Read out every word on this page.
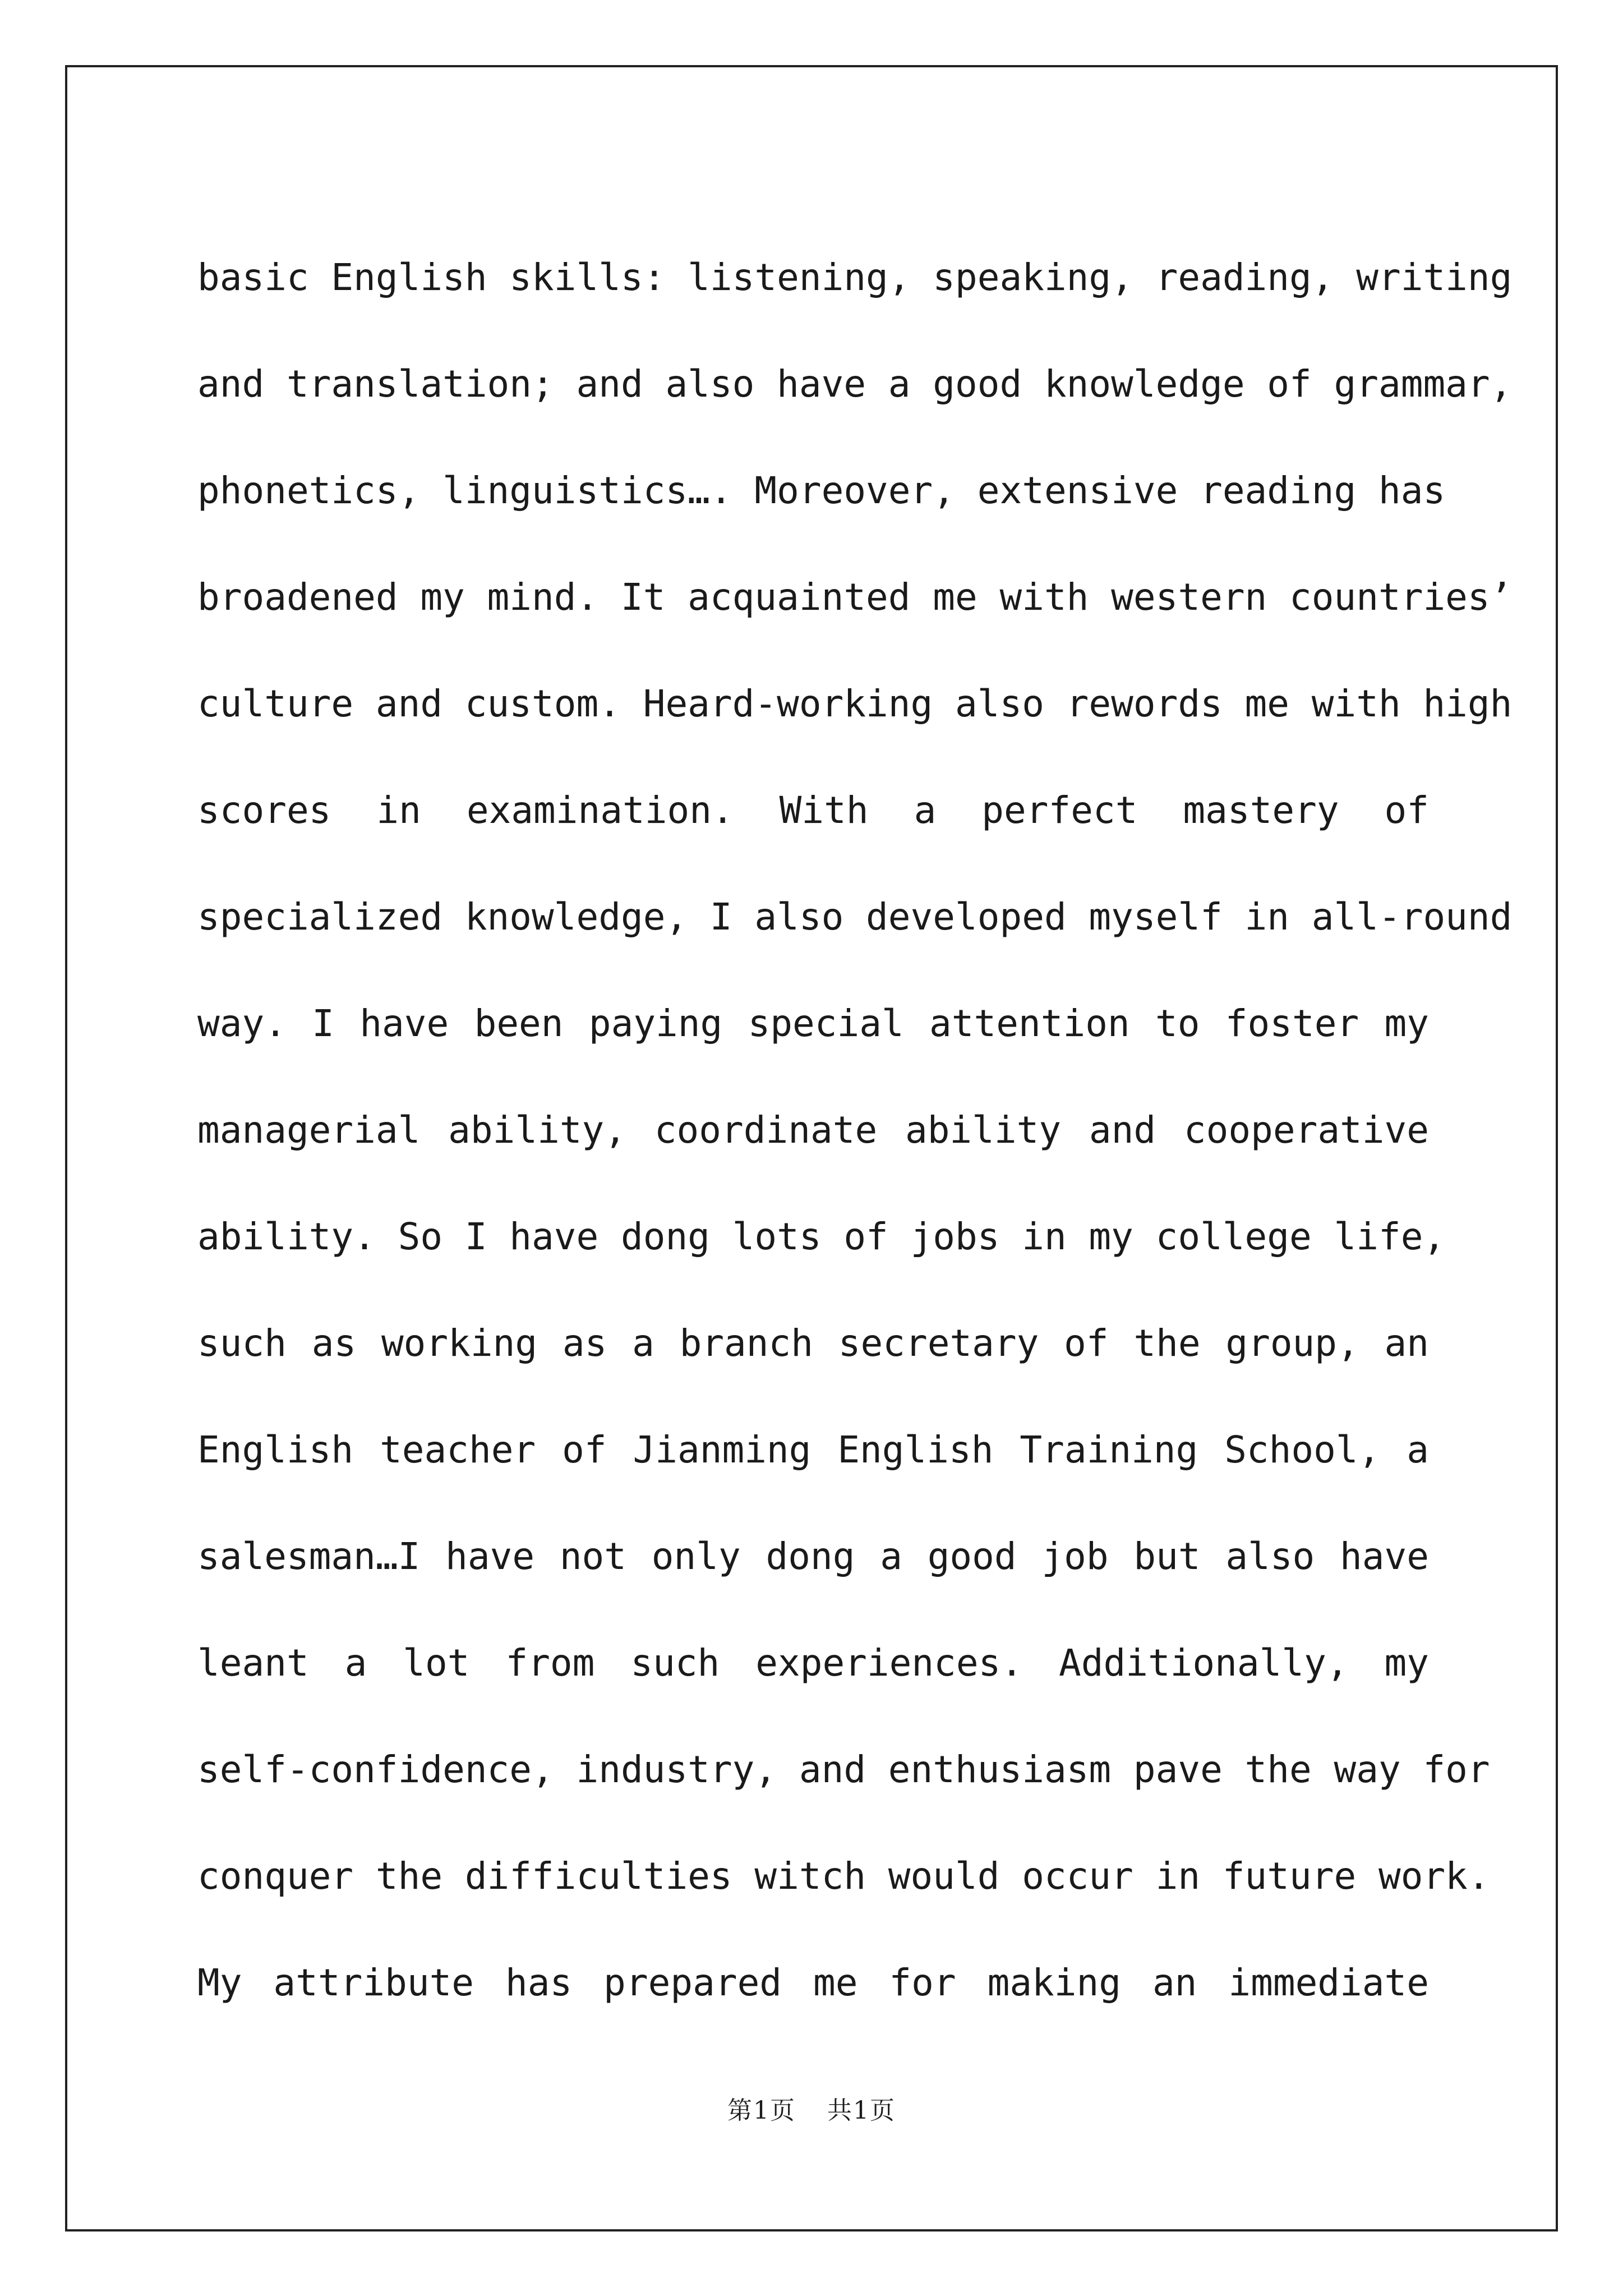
basic English skills: listening, speaking, reading, writing
and translation; and also have a good knowledge of grammar,
phonetics, linguistics…. Moreover, extensive reading has
broadened my mind. It acquainted me with western countries’
culture and custom. Heard-working also rewords me with high
scores in examination. With a perfect mastery of
specialized knowledge, I also developed myself in all-round
way. I have been paying special attention to foster my
managerial ability, coordinate ability and cooperative
ability. So I have dong lots of jobs in my college life,
such as working as a branch secretary of the group, an
English teacher of Jianming English Training School, a
salesman…I have not only dong a good job but also have
leant a lot from such experiences. Additionally, my
self-confidence, industry, and enthusiasm pave the way for
conquer the difficulties witch would occur in future work.
My attribute has prepared me for making an immediate
第1页 共1页
